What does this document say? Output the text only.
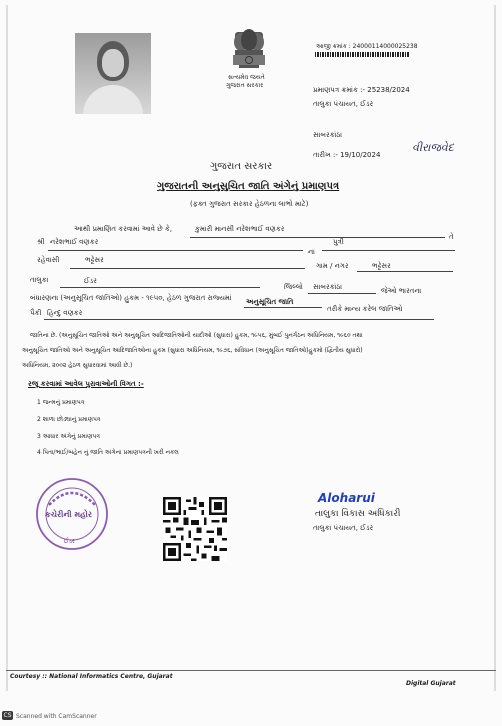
સત્યમેવ જયતે
ગુજરાત સરકાર
આજી ક્રમાંક : 24000114000025238
પ્રમાણપત્ર ક્રમાંક :- 25238/2024
તાલુકા પંચાયત, ઈડર
સાબરકાંઠા
તારીખ :- 19/10/2024
વીરાજવેદ
ગુજરાત સરકાર
ગુજરાતની અનુસુચિત જાતિ અંગેનું પ્રમાણપત્ર
(ફક્ત ગુજરાત સરકાર હેઠળના લાભો માટે)
આથી પ્રમાણિત કરવામાં આવે છે કે,	કુમારી માનસી નરેશભાઈ વણકર
તે
શ્રી નરેશભાઈ વણકર
ના
પુત્રી
રહેવાસી	ભટ્ટેસર
ગામ / નગર	ભટ્ટેસર
તાલુકા	ઈડર
જિલ્લો સાબરકાંઠા	જેઓ ભારતના
બંધારણના (અનુસૂચિત જાતિઓ) હુકમ - ૧૯૫૦, હેઠળ ગુજરાત રાજ્યમાં અનુસૂચિત જાતિ
તરીકે માન્ય કરેલ જાતિઓ
પૈકી હિન્દુ વણકર
જાતિના છે. (અનુસૂચિત જાતિઓ અને અનુસૂચિત આદિજાતિઓની યાદીઓ (સુધારા) હુકમ, ૧૯૫૬, મુંબઈ પુનર્ગઠન અધિનિયમ, ૧૯૬૦ તથા
અનુસૂચિત જાતિઓ અને અનુસૂચિત આદિજાતિઓના હુકમ (સુધારા અધિનિયમ, ૧૯૭૬, સંવિધાન (અનુસૂચિત જાતિઓ)હુકમો (દ્વિતીય સુધારો)
અધિનિયમ, ૨૦૦૨ હેઠળ સુધારવામાં આવી છે.)
રજૂ કરવામાં આવેલ પુરાવાઓની વિગત :-
1 જન્મનું પ્રમાણપત્ર
2 શાળા છોડ્યાનું પ્રમાણપત્ર
3 આધાર અંગેનું પ્રમાણપત્ર
4 પિતા/ભાઈ/બહેન નું જાતિ અંગેના પ્રમાણપત્રની ખરી નકલ
કચેરીની મહોર
ઈડર
Aloharui
તાલુકા વિકાસ અધિકારી
તાલુકા પંચાયત, ઈડર
Courtesy :: National Informatics Centre, Gujarat
Digital Gujarat
CS Scanned with CamScanner
